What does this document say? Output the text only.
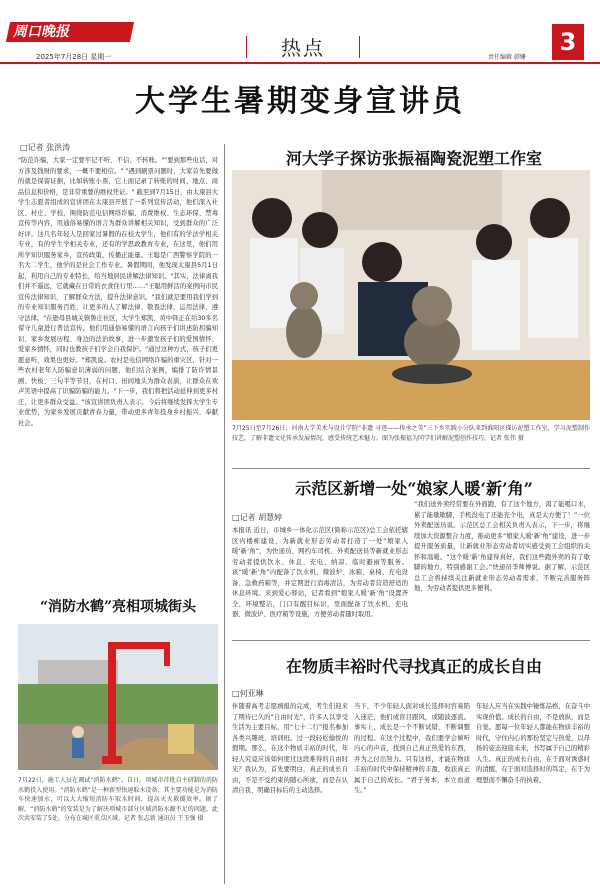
周口晚报
2025年7月28日 星期一	热点	责任编辑 韩姗
3
大学生暑期变身宣讲员
□记者 张洪涛
"防范诈骗，大家一定要牢记不听、不信、不转账。""要到那些电话，对方涉及钱财的要求，一概不要相信。" "遇到刷票问题时，大家首先要做的就是保留证据，比如转账小票，它上面记录了转账的时间、地点、商品信息和价格，是非常重要的维权凭证。" 截至到7月15日，由太康县大学生志愿者组成的宣讲团在太康县开展了一系列宣传活动，他们深入社区、村庄、学校，围绕防范电信网络诈骗、消费维权、生态环保、禁毒宣传等内容，用通俗易懂的语言为群众讲解相关知识，受到群众的广泛好评。这几名年轻人是回家过暑假的在校大学生，他们有的学法学相关专业，有的学生学相关专业，还有的学思政教育专业，在这里，他们用所学知识服务家乡，宣传政策，传播正能量。王聪是广西警察学院的一名大二学生，他学的是社会工作专业。暑假期间，他发现太康县5月1日起，利用自己的专业特长，给当地居民讲解法律知识。"其实，法律离我们并不遥远，它就藏在日常的衣食住行里……"王聪用鲜活的案例向市民宣传法律知识，了解群众方法，提升法律意识。"我们就是要用我们学到的专业知识服务百姓，让更多的人了解法律、敬畏法律、运用法律、遵守法律。"在逊母县城关镇鲁庄社区，大学生郑凯、黄中铎正在给30多名留守儿童进行普法宣传。他们用通俗易懂的语言向孩子们讲述防拐骗知识、家乡发展历程、身边的法治故事，进一步激发孩子们的爱国情怀、爱家乡情怀，同时也教孩子们学会自我保护。"通过这种方式，孩子们更愿意听，效果也更好。"郑凯说。农村是电信网络诈骗的重灾区，针对一些农村老年人防骗意识薄弱的问题，他们结合案例，编排了防诈情景剧、快板、三句半等节目，在村口、田间地头为群众表演，让群众在欢声笑语中提高了识骗防骗的能力。"下一步，我们将把活动延伸到更多村庄，让更多群众受益。"该宣讲团负责人表示，今后将继续发挥大学生专业优势，为家乡发展贡献青春力量，带动更多青年投身乡村振兴、奉献社会。
“消防水鹤”亮相项城街头
7月22日，施工人员在调试“消防水鹤”。自日，项城市首批自主研制的消防水鹤投入使用。“消防水鹤”是一种新型快速取水设备，其主要功能是为消防车快速加水，可以大大缩短消防车取水时间，提高灭火救援效率。据了解，“消防水鹤”的安装是为了解决项城市部分区域消防水源不足的问题，此次共安装了5处，分布在城区重点区域。记者 张志新 通讯员 王玉强 摄
河大学子探访张振福陶瓷泥塑工作室
7月25日至7月26日，河南大学美术与设计学院“非遗 寻迹——传承之美”三下乡实践小分队来到淮阳区探访泥塑工作室，学习泥塑制作技艺，了解非遗文化传承发展情况，感受传统艺术魅力。图为张振福为同学们讲解泥塑创作技巧。记者 张伟 摄
示范区新增一处“娘家人暖‘新’角”
□记者 胡慧婷
本报讯 近日，市城乡一体化示范区(简称示范区)总工会依托辖区内楼栋建设，为新就业形态劳动者打造了一处“娘家人暖‘新’角”，为快递员、网约车司机、外卖配送员等新就业形态劳动者提供饮水、休息、充电、纳凉、临时避雨等服务。该“暖‘新’角”内配备了饮水机、微波炉、冰箱、桌椅、充电设备、急救药箱等，并定期进行消毒清洁，为劳动者营造舒适的休息环境。来到爱心驿站，记者看到“娘家人暖‘新’角”设置齐全，环境整洁，门口有醒目标识，里面配备了饮水机、充电器、微波炉、医疗箱等设施，方便劳动者随时取用。
“我们送外卖经常要在外面跑，有了这个地方，渴了能喝口水，累了能歇歇脚，手机没电了还能充个电，真是太方便了！”一位外卖配送员说。示范区总工会相关负责人表示，下一步，将继续加大资源整合力度，推动更多“娘家人暖‘新’角”建设，进一步提升服务质量，让新就业形态劳动者切实感受到工会组织的关怀和温暖。“这个暖‘新’角建得真好，我们这些跑外卖的有了歇脚的地方，特别感谢工会。”快递员李师傅说。据了解，示范区总工会将持续关注新就业形态劳动者需求，不断完善服务阵地，为劳动者提供更多便利。
在物质丰裕时代寻找真正的成长自由
□何亚琳
伴随着高考志愿填报的完成，考生们迎来了期待已久的“自由时光”，许多人以享受生活为主要目标，用“七十二行”报名参加各类兴趣班、培训班。过一段轻松愉悦的假期。那么，在这个物质丰裕的时代，年轻人究竟应该如何度过这段难得的自由时光？我认为，首先要明白，真正的成长自由，不是不受约束的随心所欲，而是在认清自我、明确目标后的主动选择。
当下，不少年轻人面对成长选择时容易陷入迷茫，他们或盲目跟风，或随波逐流。事实上，成长是一个不断试错、不断调整的过程。在这个过程中，我们要学会倾听内心的声音，找到自己真正热爱的东西，并为之付出努力。只有这样，才能在物质丰裕的时代中保持精神的丰盈，收获真正属于自己的成长。“君子务本，本立而道生。”
年轻人应当在实践中锤炼品格，在奋斗中实现价值。成长的自由，不是放纵，而是自觉。愿每一位年轻人都能在物质丰裕的时代，守住内心的那份坚定与热爱，以昂扬的姿态迎接未来，书写属于自己的精彩人生。真正的成长自由，在于面对诱惑时的清醒，在于面对选择时的笃定，在于为理想而不懈奋斗的执着。
